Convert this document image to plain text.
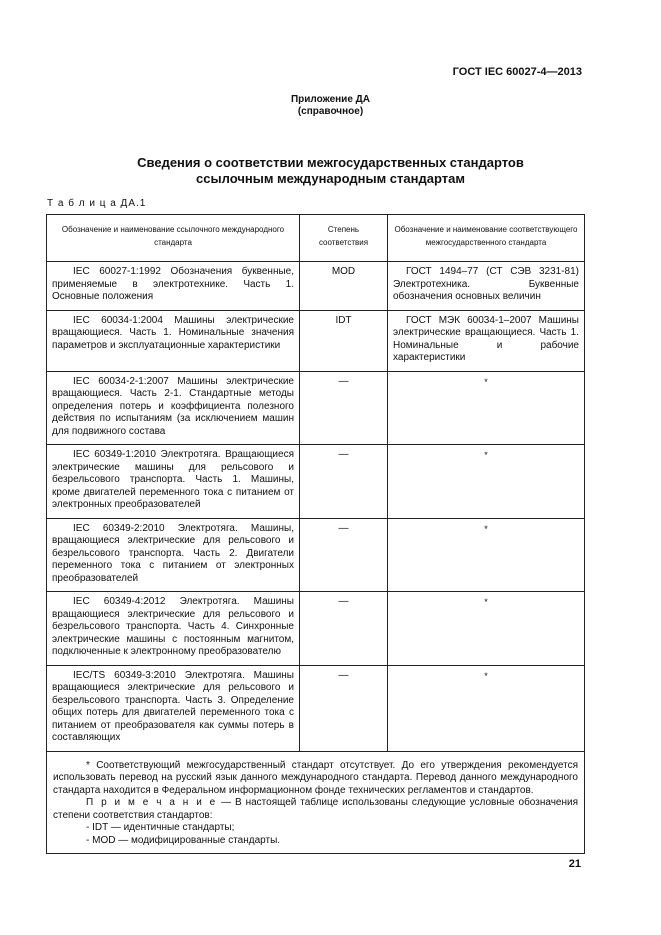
ГОСТ IEC 60027-4—2013
Приложение ДА
(справочное)
Сведения о соответствии межгосударственных стандартов
ссылочным международным стандартам
Т а б л и ц а ДА.1
Обозначение и наименование ссылочного международного стандарта	Степень соответствия	Обозначение и наименование соответствующего межгосударственного стандарта
IEC 60027-1:1992 Обозначения буквенные, применяемые в электротехнике. Часть 1. Основные положения	MOD	ГОСТ 1494–77 (СТ СЭВ 3231-81) Электротехника. Буквенные обозначения основных величин
IEC 60034-1:2004 Машины электрические вращающиеся. Часть 1. Номинальные значения параметров и эксплуатационные характеристики	IDT	ГОСТ МЭК 60034-1–2007 Машины электрические вращающиеся. Часть 1. Номинальные и рабочие характеристики
IEC 60034-2-1:2007 Машины электрические вращающиеся. Часть 2-1. Стандартные методы определения потерь и коэффициента полезного действия по испытаниям (за исключением машин для подвижного состава	—	*
IEC 60349-1:2010 Электротяга. Вращающиеся электрические машины для рельсового и безрельсового транспорта. Часть 1. Машины, кроме двигателей переменного тока с питанием от электронных преобразователей	—	*
IEC 60349-2:2010 Электротяга. Машины, вращающиеся электрические для рельсового и безрельсового транспорта. Часть 2. Двигатели переменного тока с питанием от электронных преобразователей	—	*
IEC 60349-4:2012 Электротяга. Машины вращающиеся электрические для рельсового и безрельсового транспорта. Часть 4. Синхронные электрические машины с постоянным магнитом, подключенные к электронному преобразователю	—	*
IEC/TS 60349-3:2010 Электротяга. Машины вращающиеся электрические для рельсового и безрельсового транспорта. Часть 3. Определение общих потерь для двигателей переменного тока с питанием от преобразователя как суммы потерь в составляющих	—	*

* Соответствующий межгосударственный стандарт отсутствует. До его утверждения рекомендуется использовать перевод на русский язык данного международного стандарта. Перевод данного международного стандарта находится в Федеральном информационном фонде технических регламентов и стандартов.

П р и м е ч а н и е — В настоящей таблице использованы следующие условные обозначения степени соответствия стандартов:

- IDT — идентичные стандарты;

- MOD — модифицированные стандарты.		

21
